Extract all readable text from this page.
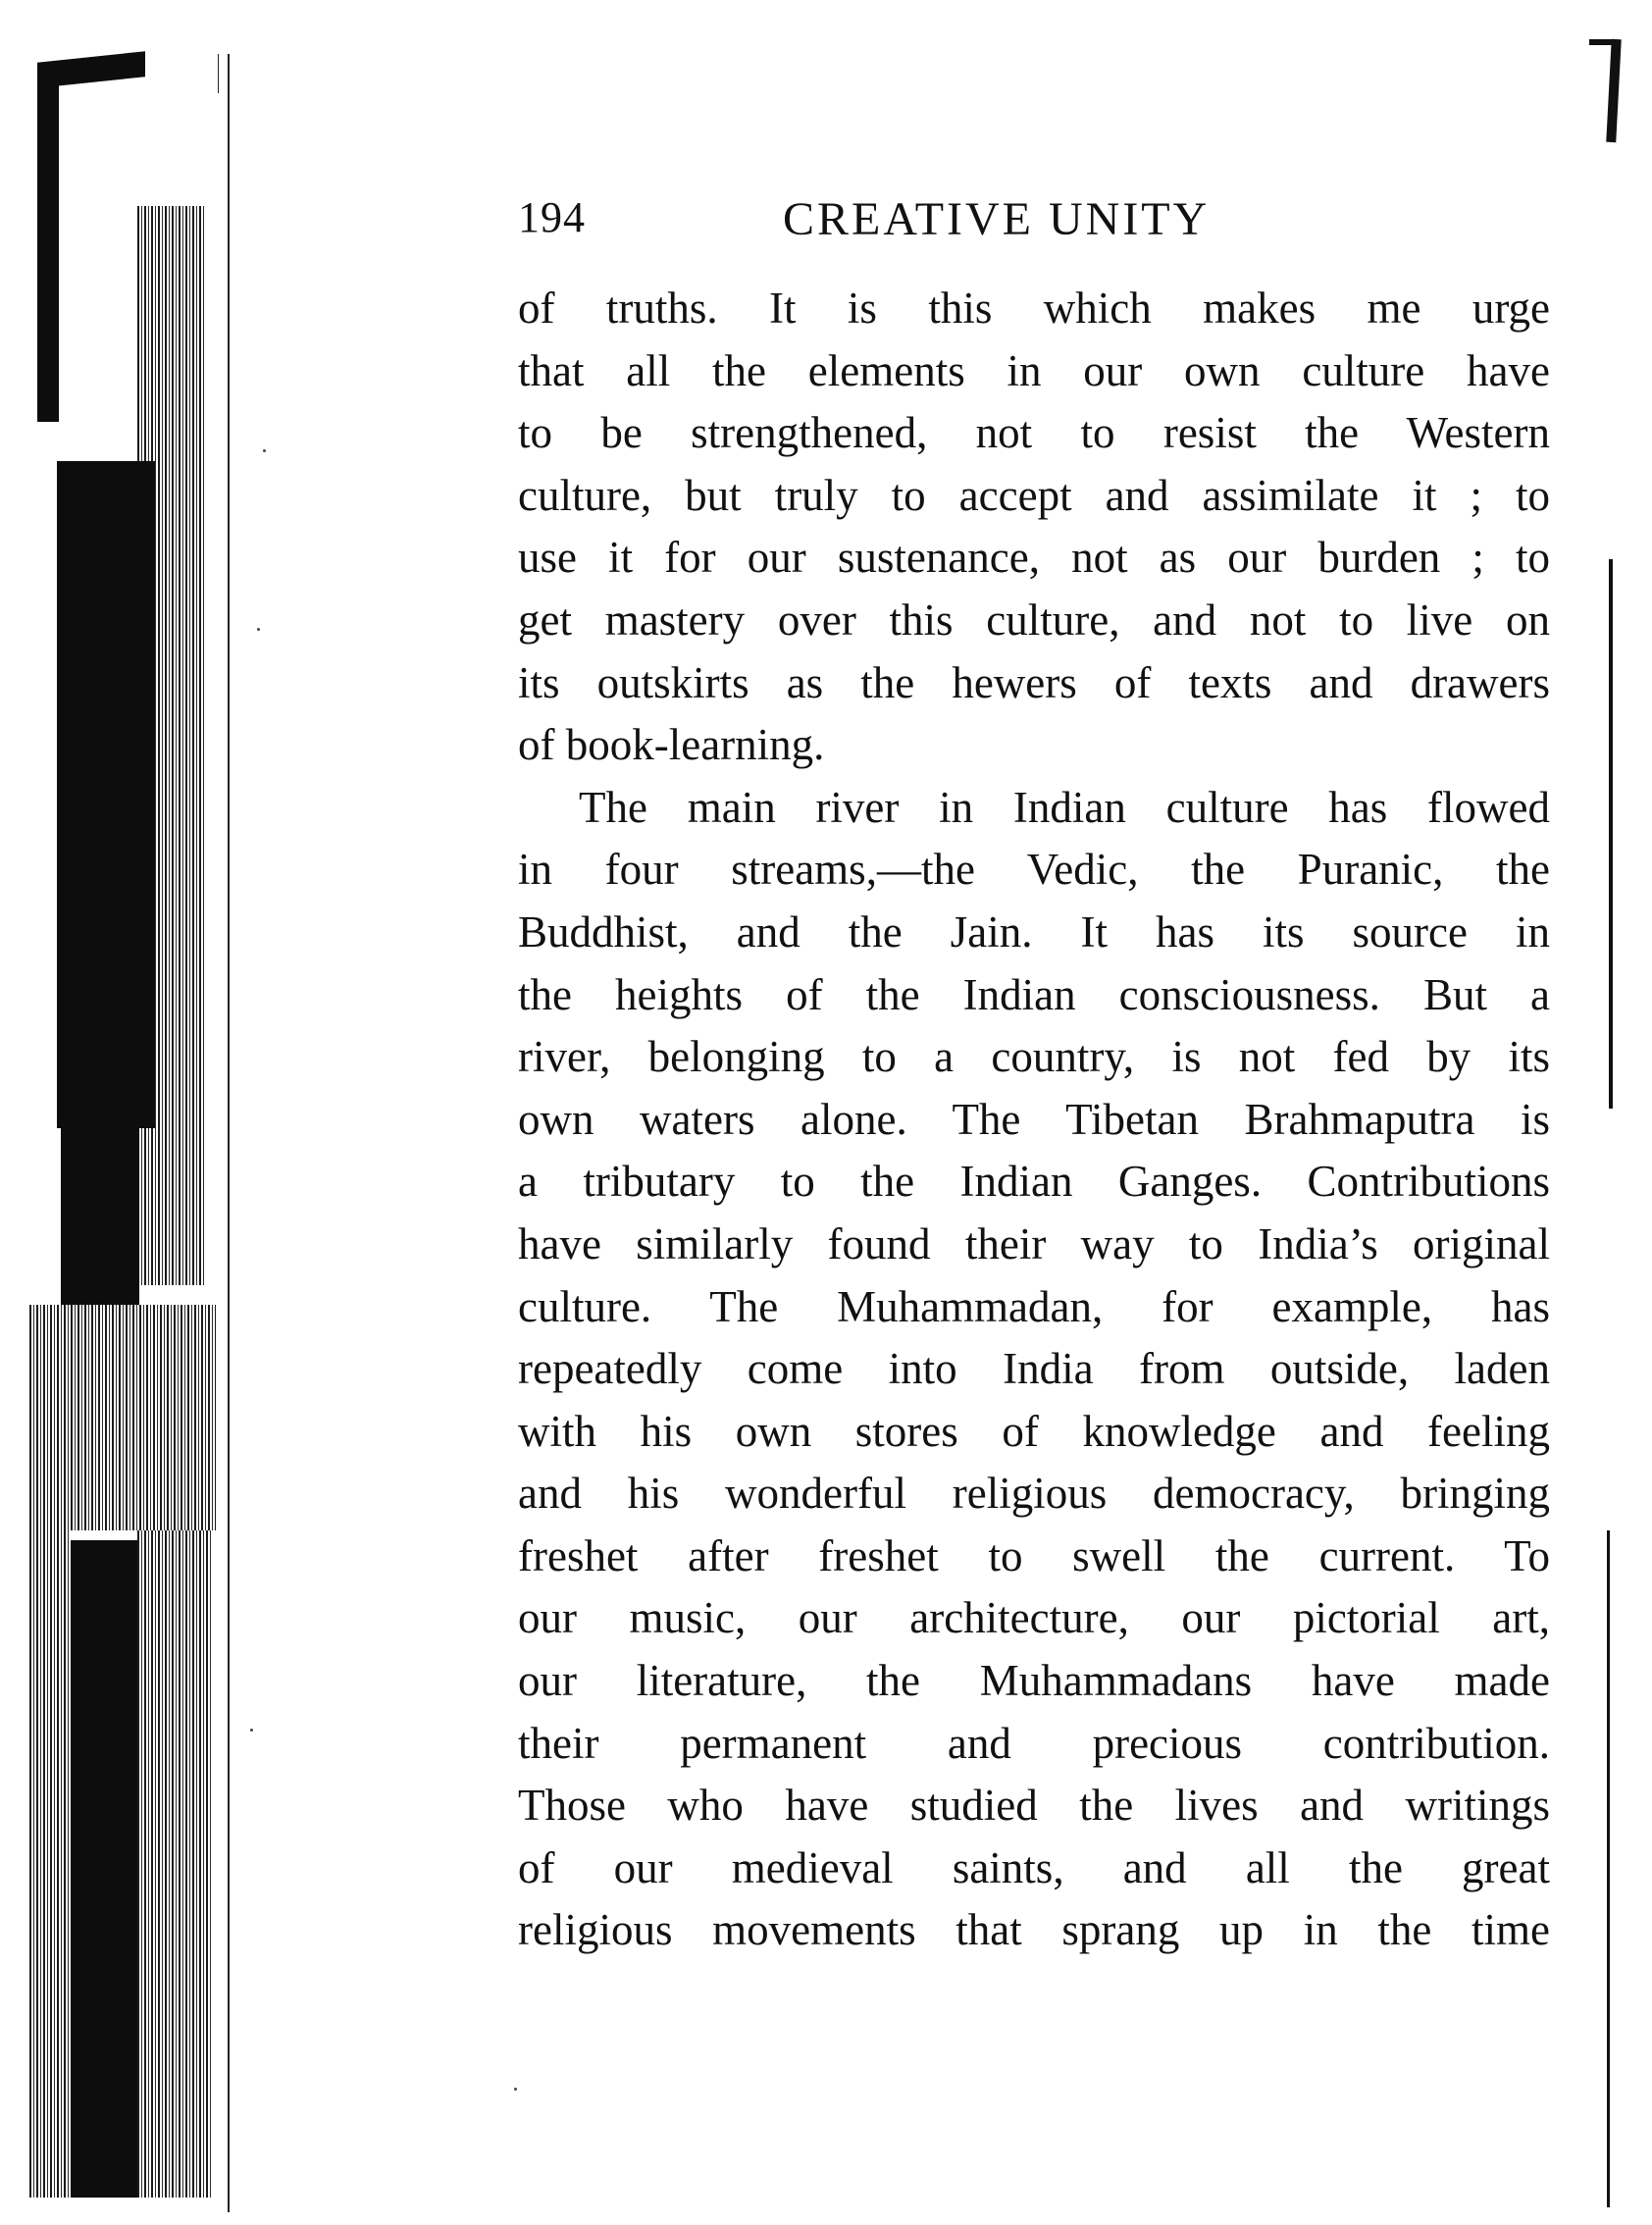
194	CREATIVE UNITY
of truths. It is this which makes me urge
that all the elements in our own culture have
to be strengthened, not to resist the Western
culture, but truly to accept and assimilate it ; to
use it for our sustenance, not as our burden ; to
get mastery over this culture, and not to live on
its outskirts as the hewers of texts and drawers
of book-learning.
The main river in Indian culture has flowed
in four streams,—the Vedic, the Puranic, the
Buddhist, and the Jain. It has its source in
the heights of the Indian consciousness. But a
river, belonging to a country, is not fed by its
own waters alone. The Tibetan Brahmaputra is
a tributary to the Indian Ganges. Contributions
have similarly found their way to India’s original
culture. The Muhammadan, for example, has
repeatedly come into India from outside, laden
with his own stores of knowledge and feeling
and his wonderful religious democracy, bringing
freshet after freshet to swell the current. To
our music, our architecture, our pictorial art,
our literature, the Muhammadans have made
their permanent and precious contribution.
Those who have studied the lives and writings
of our medieval saints, and all the great
religious movements that sprang up in the time
